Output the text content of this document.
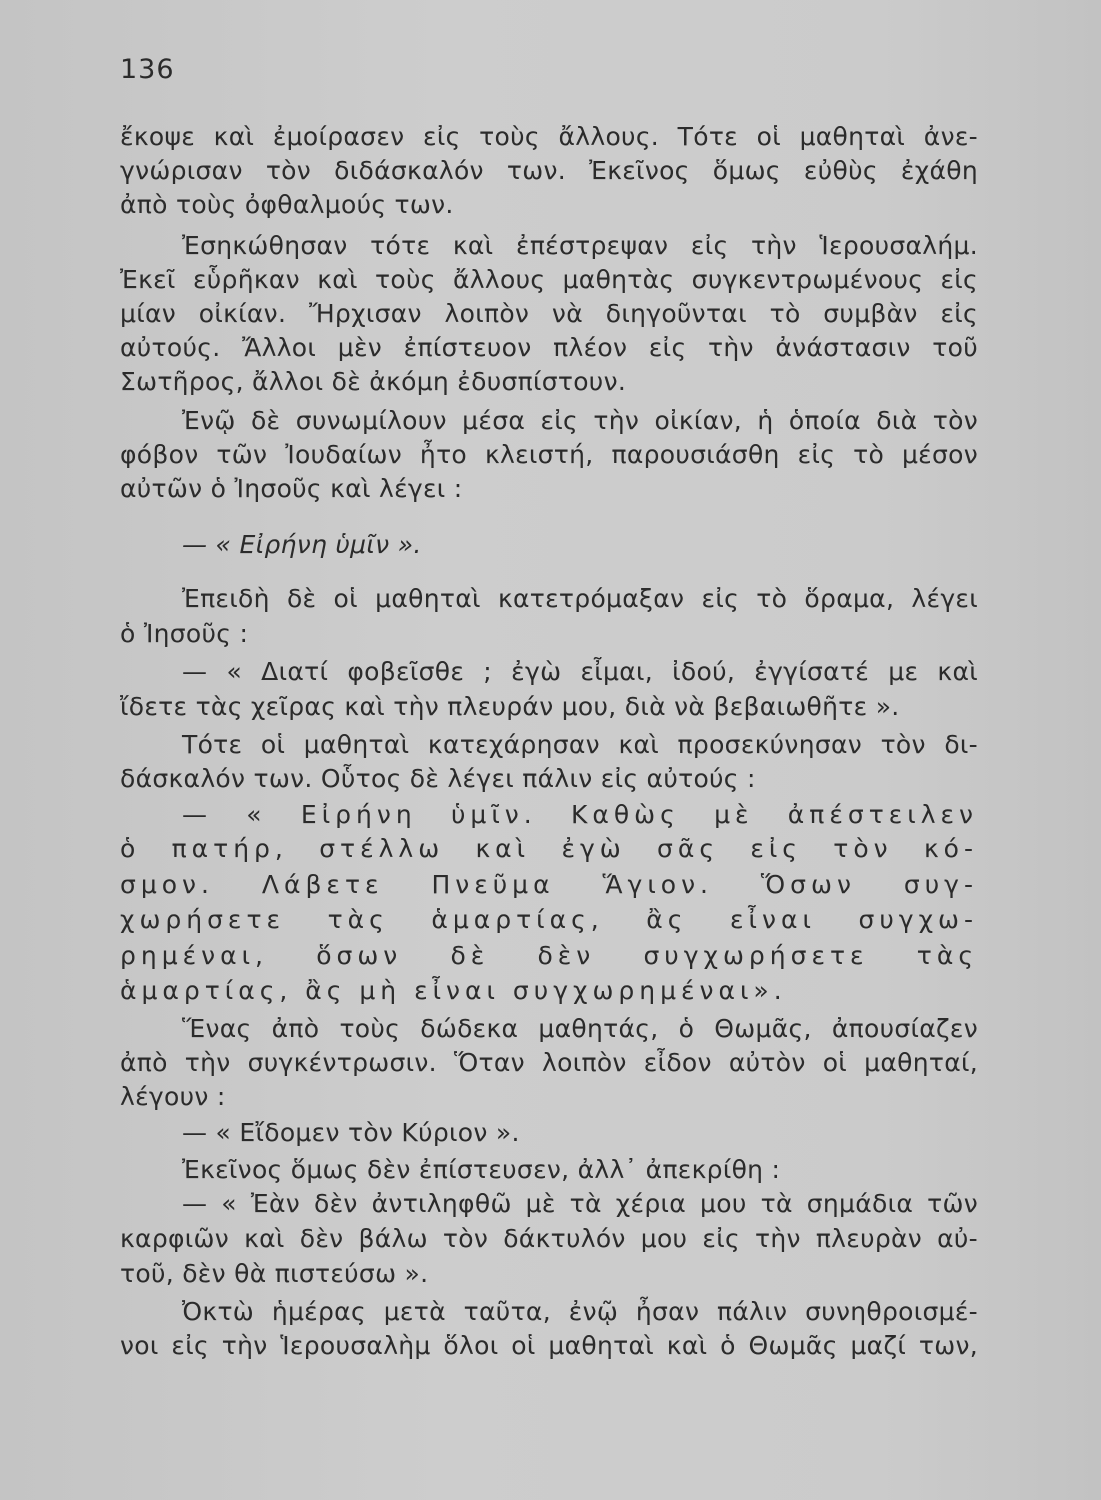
136
ἔκοψε καὶ ἐμοίρασεν εἰς τοὺς ἄλλους. Τότε οἱ μαθηταὶ ἀνε-
γνώρισαν τὸν διδάσκαλόν των. Ἐκεῖνος ὅμως εὐθὺς ἐχάθη
ἀπὸ τοὺς ὀφθαλμούς των.
Ἐσηκώθησαν τότε καὶ ἐπέστρεψαν εἰς τὴν Ἱερουσαλήμ.
Ἐκεῖ εὗρῆκαν καὶ τοὺς ἄλλους μαθητὰς συγκεντρωμένους εἰς
μίαν οἰκίαν. Ἤρχισαν λοιπὸν νὰ διηγοῦνται τὸ συμβὰν εἰς
αὐτούς. Ἄλλοι μὲν ἐπίστευον πλέον εἰς τὴν ἀνάστασιν τοῦ
Σωτῆρος, ἄλλοι δὲ ἀκόμη ἐδυσπίστουν.
Ἐνῷ δὲ συνωμίλουν μέσα εἰς τὴν οἰκίαν, ἡ ὁποία διὰ τὸν
φόβον τῶν Ἰουδαίων ἦτο κλειστή, παρουσιάσθη εἰς τὸ μέσον
αὐτῶν ὁ Ἰησοῦς καὶ λέγει :
— « Εἰρήνη ὑμῖν ».
Ἐπειδὴ δὲ οἱ μαθηταὶ κατετρόμαξαν εἰς τὸ ὅραμα, λέγει
ὁ Ἰησοῦς :
— « Διατί φοβεῖσθε ; ἐγὼ εἶμαι, ἰδού, ἐγγίσατέ με καὶ
ἴδετε τὰς χεῖρας καὶ τὴν πλευράν μου, διὰ νὰ βεβαιωθῆτε ».
Τότε οἱ μαθηταὶ κατεχάρησαν καὶ προσεκύνησαν τὸν δι-
δάσκαλόν των. Οὗτος δὲ λέγει πάλιν εἰς αὐτούς :
— « Εἰρήνη ὑμῖν. Καθὼς μὲ ἀπέστειλεν
ὁ πατήρ, στέλλω καὶ ἐγὼ σᾶς εἰς τὸν κό-
σμον. Λάβετε Πνεῦμα Ἅγιον. Ὅσων συγ-
χωρήσετε τὰς ἁμαρτίας, ἂς εἶναι συγχω-
ρημέναι, ὅσων δὲ δὲν συγχωρήσετε τὰς
ἁμαρτίας, ἂς μὴ εἶναι συγχωρημέναι».
Ἕνας ἀπὸ τοὺς δώδεκα μαθητάς, ὁ Θωμᾶς, ἀπουσίαζεν
ἀπὸ τὴν συγκέντρωσιν. Ὅταν λοιπὸν εἶδον αὐτὸν οἱ μαθηταί,
λέγουν :
— « Εἴδομεν τὸν Κύριον ».
Ἐκεῖνος ὅμως δὲν ἐπίστευσεν, ἀλλ᾽ ἀπεκρίθη :
— « Ἐὰν δὲν ἀντιληφθῶ μὲ τὰ χέρια μου τὰ σημάδια τῶν
καρφιῶν καὶ δὲν βάλω τὸν δάκτυλόν μου εἰς τὴν πλευρὰν αὐ-
τοῦ, δὲν θὰ πιστεύσω ».
Ὀκτὼ ἡμέρας μετὰ ταῦτα, ἐνῷ ἦσαν πάλιν συνηθροισμέ-
νοι εἰς τὴν Ἱερουσαλὴμ ὅλοι οἱ μαθηταὶ καὶ ὁ Θωμᾶς μαζί των,
